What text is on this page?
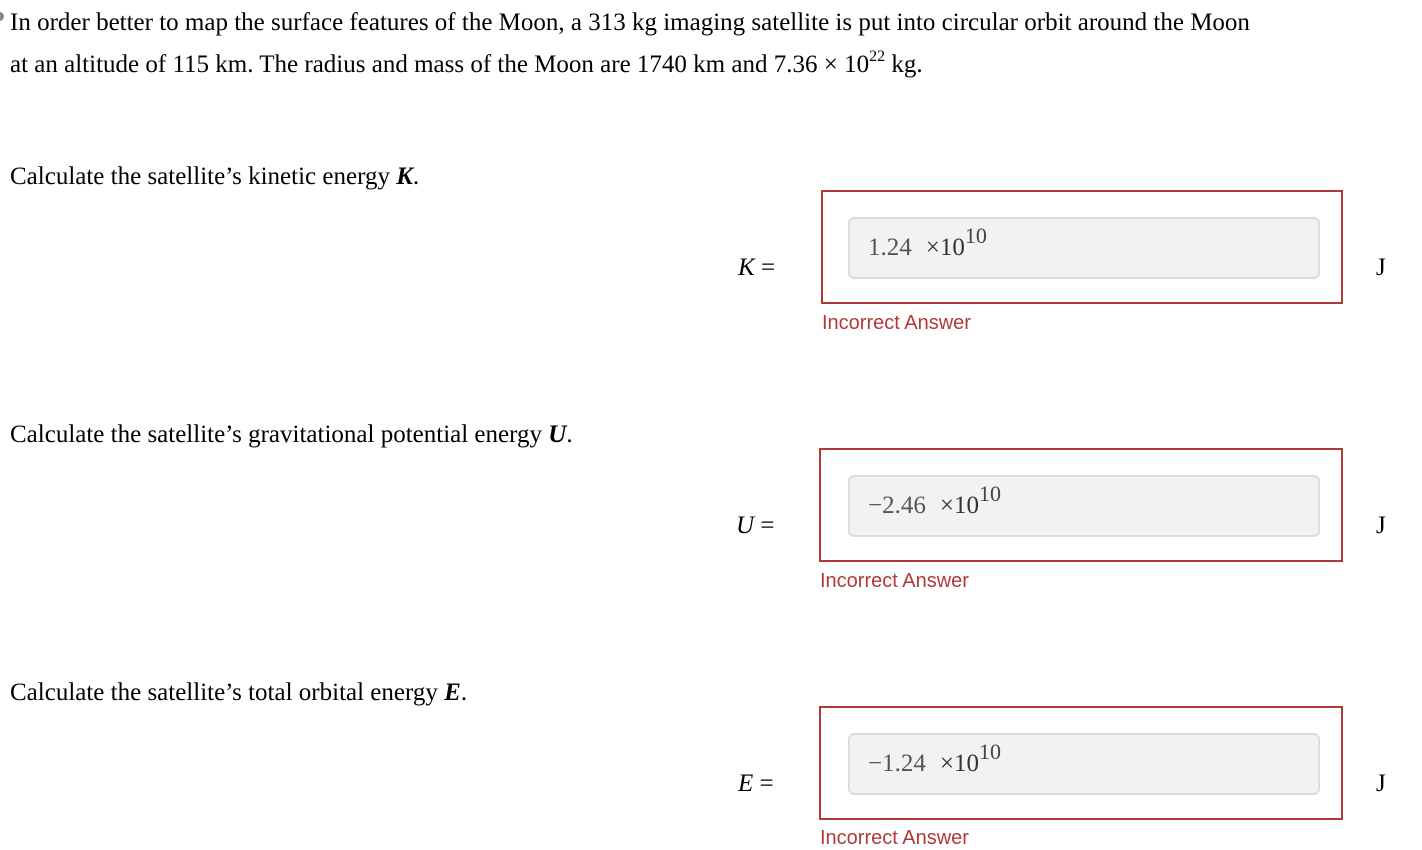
In order better to map the surface features of the Moon, a 313 kg imaging satellite is put into circular orbit around the Moon
at an altitude of 115 km. The radius and mass of the Moon are 1740 km and $7.36 \times 10^{22}$ kg.
Calculate the satellite’s kinetic energy K.
K =
1.24 ×10 10
J
Incorrect Answer
Calculate the satellite’s gravitational potential energy U.
U =
−2.46 ×10 10
J
Incorrect Answer
Calculate the satellite’s total orbital energy E.
E =
−1.24 ×10 10
J
Incorrect Answer
